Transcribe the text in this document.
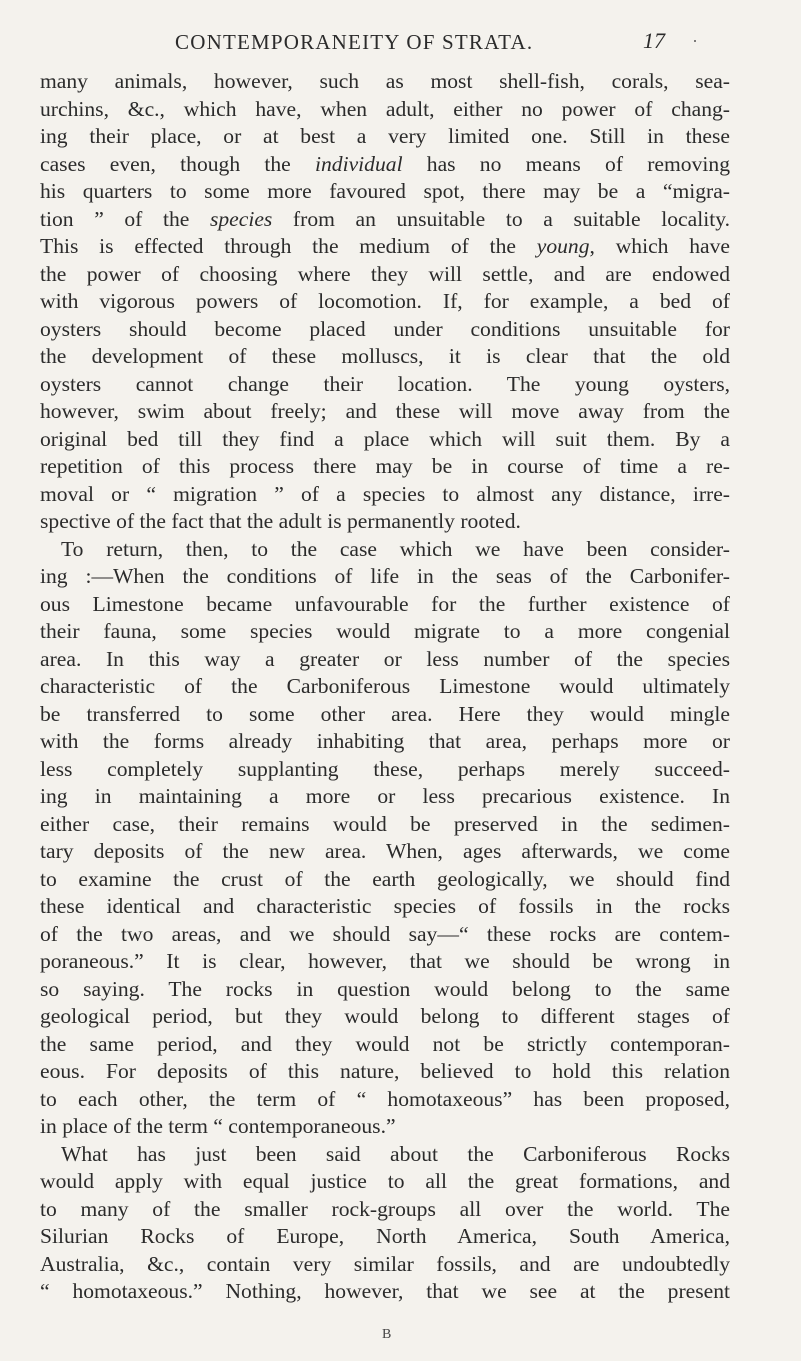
CONTEMPORANEITY OF STRATA.	17
many animals, however, such as most shell-fish, corals, sea-
urchins, &c., which have, when adult, either no power of chang-
ing their place, or at best a very limited one. Still in these
cases even, though the individual has no means of removing
his quarters to some more favoured spot, there may be a “migra-
tion ” of the species from an unsuitable to a suitable locality.
This is effected through the medium of the young, which have
the power of choosing where they will settle, and are endowed
with vigorous powers of locomotion. If, for example, a bed of
oysters should become placed under conditions unsuitable for
the development of these molluscs, it is clear that the old
oysters cannot change their location. The young oysters,
however, swim about freely; and these will move away from the
original bed till they find a place which will suit them. By a
repetition of this process there may be in course of time a re-
moval or “ migration ” of a species to almost any distance, irre-
spective of the fact that the adult is permanently rooted.
To return, then, to the case which we have been consider-
ing :—When the conditions of life in the seas of the Carbonifer-
ous Limestone became unfavourable for the further existence of
their fauna, some species would migrate to a more congenial
area. In this way a greater or less number of the species
characteristic of the Carboniferous Limestone would ultimately
be transferred to some other area. Here they would mingle
with the forms already inhabiting that area, perhaps more or
less completely supplanting these, perhaps merely succeed-
ing in maintaining a more or less precarious existence. In
either case, their remains would be preserved in the sedimen-
tary deposits of the new area. When, ages afterwards, we come
to examine the crust of the earth geologically, we should find
these identical and characteristic species of fossils in the rocks
of the two areas, and we should say—“ these rocks are contem-
poraneous.” It is clear, however, that we should be wrong in
so saying. The rocks in question would belong to the same
geological period, but they would belong to different stages of
the same period, and they would not be strictly contemporan-
eous. For deposits of this nature, believed to hold this relation
to each other, the term of “ homotaxeous” has been proposed,
in place of the term “ contemporaneous.”
What has just been said about the Carboniferous Rocks
would apply with equal justice to all the great formations, and
to many of the smaller rock-groups all over the world. The
Silurian Rocks of Europe, North America, South America,
Australia, &c., contain very similar fossils, and are undoubtedly
“ homotaxeous.” Nothing, however, that we see at the present
B
